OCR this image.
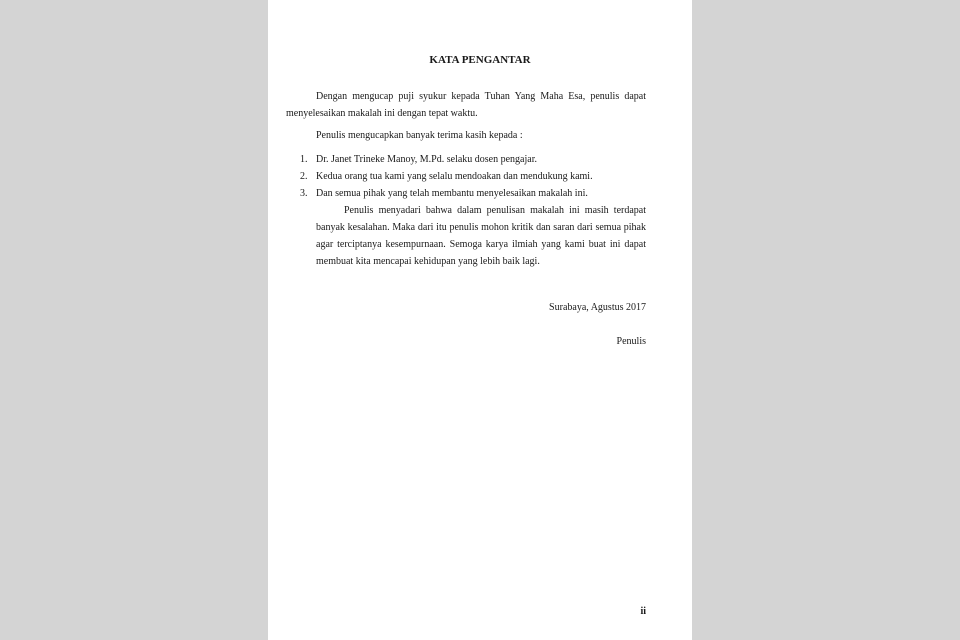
KATA PENGANTAR
Dengan mengucap puji syukur kepada Tuhan Yang Maha Esa, penulis dapat menyelesaikan makalah ini dengan tepat waktu.
Penulis mengucapkan banyak terima kasih kepada :
1. Dr. Janet Trineke Manoy, M.Pd. selaku dosen pengajar.
2. Kedua orang tua kami yang selalu mendoakan dan mendukung kami.
3. Dan semua pihak yang telah membantu menyelesaikan makalah ini.
Penulis menyadari bahwa dalam penulisan makalah ini masih terdapat banyak kesalahan. Maka dari itu penulis mohon kritik dan saran dari semua pihak agar terciptanya kesempurnaan. Semoga karya ilmiah yang kami buat ini dapat membuat kita mencapai kehidupan yang lebih baik lagi.
Surabaya, Agustus 2017
Penulis
ii
